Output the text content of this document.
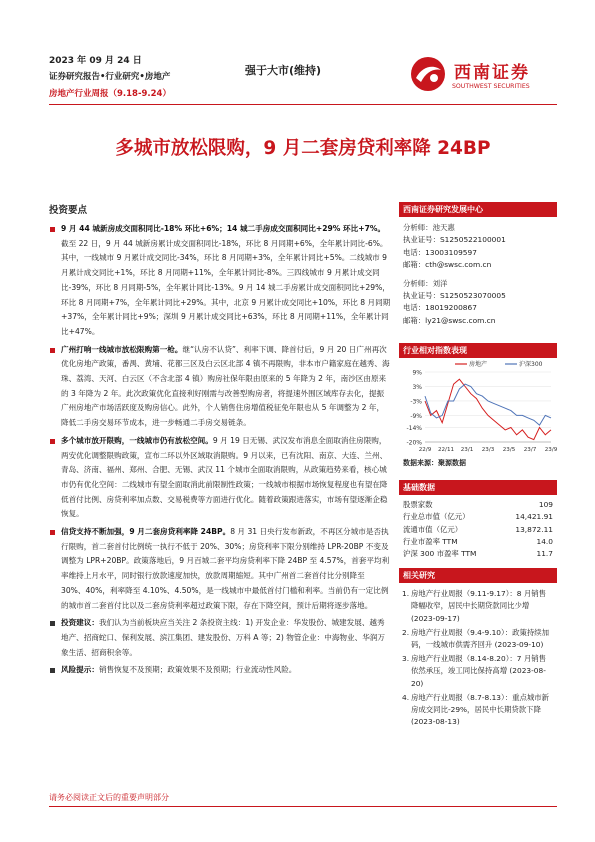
2023 年 09 月 24 日
证券研究报告•行业研究•房地产
房地产行业周报（9.18-9.24）
强于大市(维持)	西南证券
SOUTHWEST SECURITIES
多城市放松限购，9 月二套房贷利率降 24BP
投资要点
9 月 44 城新房成交面积同比-18% 环比+6%；14 城二手房成交面积同比+29% 环比+7%。截至 22 日，9 月 44 城新房累计成交面积同比-18%，环比 8 月同期+6%，全年累计同比-6%。其中，一线城市 9 月累计成交同比-34%，环比 8 月同期+3%，全年累计同比+5%。二线城市 9 月累计成交同比+1%，环比 8 月同期+11%，全年累计同比-8%。三四线城市 9 月累计成交同比-39%，环比 8 月同期-5%，全年累计同比-13%。9 月 14 城二手房累计成交面积同比+29%，环比 8 月同期+7%，全年累计同比+29%。其中，北京 9 月累计成交同比+10%，环比 8 月同期+37%，全年累计同比+9%；深圳 9 月累计成交同比+63%，环比 8 月同期+11%，全年累计同比+47%。
广州打响一线城市放松限购第一枪。继“认房不认贷”、利率下调、降首付后，9 月 20 日广州再次优化房地产政策，番禺、黄埔、花都三区及白云区北部 4 镇不再限购，非本市户籍家庭在越秀、海珠、荔湾、天河、白云区（不含北部 4 镇）购房社保年限由原来的 5 年降为 2 年，南沙区由原来的 3 年降为 2 年。此次政策优化直接利好刚需与改善型购房者，将提速外围区域库存去化，提振广州房地产市场活跃度及购房信心。此外，个人销售住房增值税征免年限也从 5 年调整为 2 年，降低二手房交易环节成本，进一步畅通二手房交易链条。
多个城市放开限购，一线城市仍有放松空间。9 月 19 日无锡、武汉发布消息全面取消住房限购，两安优化调整限购政策，宣布二环以外区域取消限购。9 月以来，已有沈阳、南京、大连、兰州、青岛、济南、福州、郑州、合肥、无锡、武汉 11 个城市全面取消限购，从政策趋势来看，核心城市仍有优化空间：二线城市有望全面取消此前限制性政策；一线城市根据市场恢复程度也有望在降低首付比例、房贷利率加点数、交易税费等方面进行优化。随着政策跟进落实，市场有望逐渐企稳恢复。
信贷支持不断加强，9 月二套房贷利率降 24BP。8 月 31 日央行发布新政，不再区分城市是否执行限购，首二套首付比例统一执行不低于 20%、30%；房贷利率下限分别维持 LPR-20BP 不变及调整为 LPR+20BP。政策落地后，9 月百城二套平均房贷利率下降 24BP 至 4.57%，首套平均利率维持上月水平，同时银行放款速度加快，放款周期缩短。其中广州首二套首付比分别降至 30%、40%，利率降至 4.10%、4.50%，是一线城市中最低首付门槛和利率。当前仍有一定比例的城市首二套首付比以及二套房贷利率超过政策下限，存在下降空间，预计后期将逐步落地。
投资建议：我们认为当前板块应当关注 2 条投资主线：1) 开发企业：华发股份、城建发展、越秀地产、招商蛇口、保利发展、滨江集团、建发股份、万科 A 等；2) 物管企业：中海物业、华润万象生活、招商积余等。
风险提示：销售恢复不及预期；政策效果不及预期；行业流动性风险。
西南证券研究发展中心
分析师：池天惠
执业证号：S1250522100001
电话：13003109597
邮箱：cth@swsc.com.cn
分析师：刘洋
执业证号：S1250523070005
电话：18019200867
邮箱：ly21@swsc.com.cn
行业相对指数表现
9%
3%
-3%
-9%
-14%
-20%
22/9 22/11 23/1 23/3 23/5 23/7 23/9
房地产	沪深300
数据来源：聚源数据
基础数据
股票家数	109
行业总市值（亿元）	14,421.91
流通市值（亿元）	13,872.11
行业市盈率 TTM	14.0
沪深 300 市盈率 TTM	11.7
相关研究
1. 房地产行业周报（9.11-9.17）：8 月销售降幅收窄，居民中长期贷款同比少增 (2023-09-17)
2. 房地产行业周报（9.4-9.10）：政策持续加码，一线城市供需齐回升 (2023-09-10)
3. 房地产行业周报（8.14-8.20）：7 月销售依然承压，竣工同比保持高增 (2023-08-20)
4. 房地产行业周报（8.7-8.13）：重点城市新房成交同比-29%，居民中长期贷款下降 (2023-08-13)
请务必阅读正文后的重要声明部分
